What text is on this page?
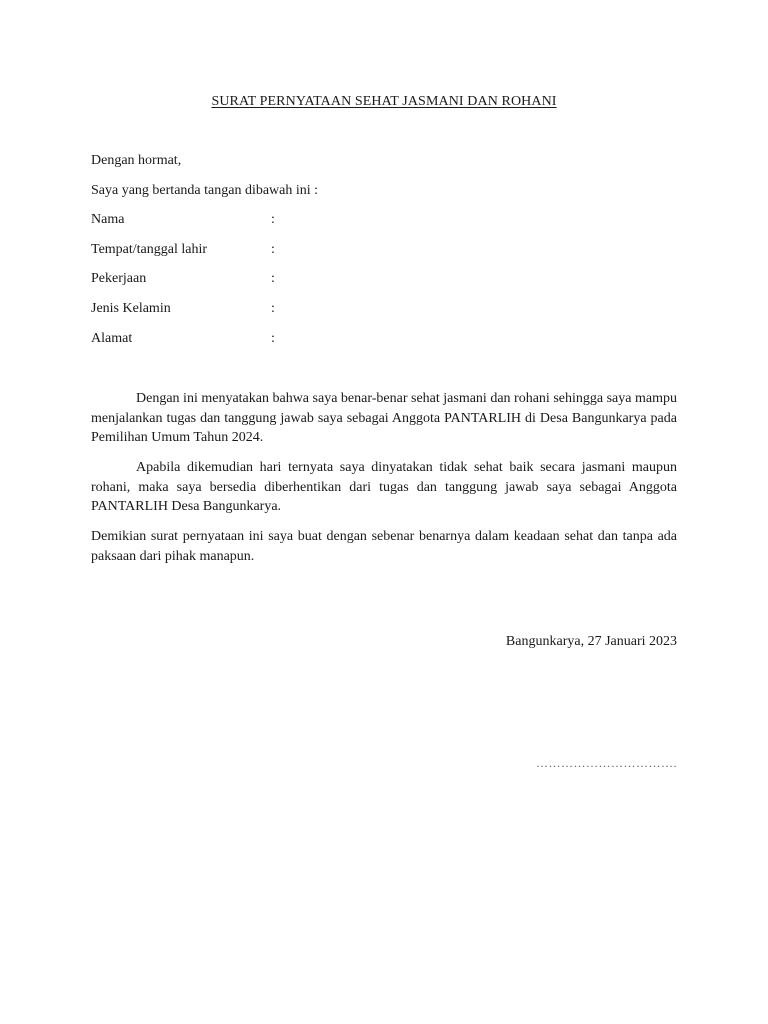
SURAT PERNYATAAN SEHAT JASMANI DAN ROHANI
Dengan hormat,
Saya yang bertanda tangan dibawah ini :
Nama	:
Tempat/tanggal lahir	:
Pekerjaan	:
Jenis Kelamin	:
Alamat	:

Dengan ini menyatakan bahwa saya benar-benar sehat jasmani dan rohani sehingga saya mampu menjalankan tugas dan tanggung jawab saya sebagai Anggota PANTARLIH di Desa Bangunkarya pada Pemilihan Umum Tahun 2024.

Apabila dikemudian hari ternyata saya dinyatakan tidak sehat baik secara jasmani maupun rohani, maka saya bersedia diberhentikan dari tugas dan tanggung jawab saya sebagai Anggota PANTARLIH Desa Bangunkarya.

Demikian surat pernyataan ini saya buat dengan sebenar benarnya dalam keadaan sehat dan tanpa ada paksaan dari pihak manapun.

Bangunkarya, 27 Januari 2023
…………………………….
